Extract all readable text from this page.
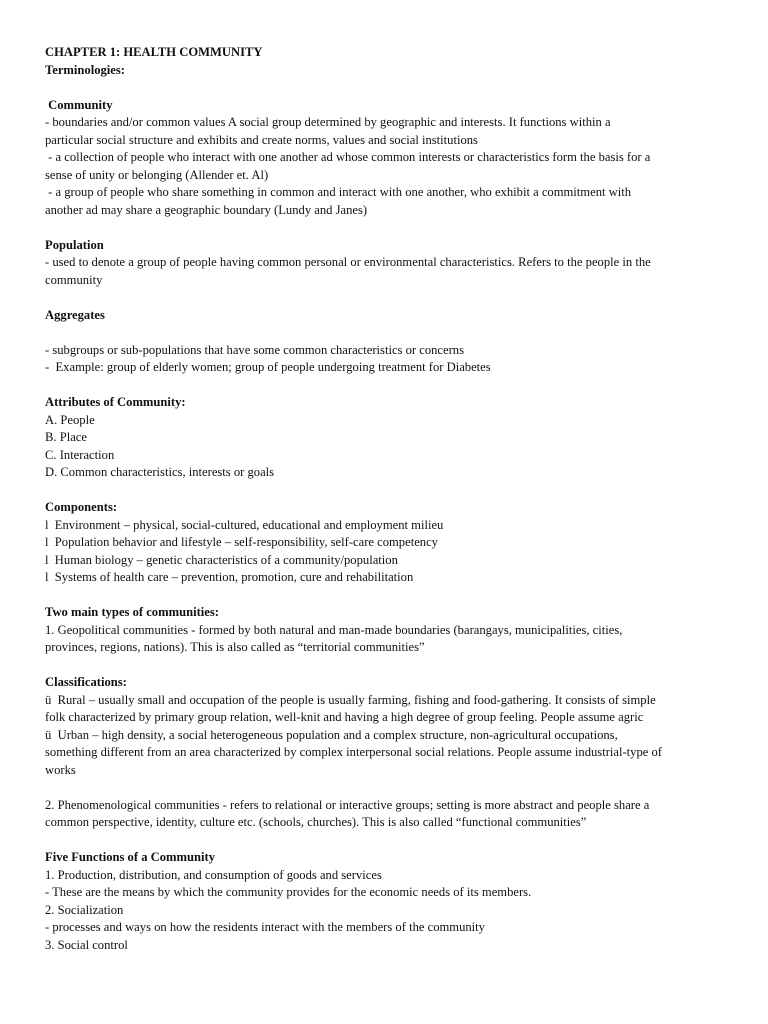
CHAPTER 1: HEALTH COMMUNITY
Terminologies:
Community
- boundaries and/or common values A social group determined by geographic and interests. It functions within a
particular social structure and exhibits and create norms, values and social institutions
- a collection of people who interact with one another ad whose common interests or characteristics form the basis for a
sense of unity or belonging (Allender et. Al)
- a group of people who share something in common and interact with one another, who exhibit a commitment with
another ad may share a geographic boundary (Lundy and Janes)
Population
- used to denote a group of people having common personal or environmental characteristics. Refers to the people in the
community
Aggregates
- subgroups or sub-populations that have some common characteristics or concerns
-  Example: group of elderly women; group of people undergoing treatment for Diabetes
Attributes of Community:
A. People
B. Place
C. Interaction
D. Common characteristics, interests or goals
Components:
l  Environment – physical, social-cultured, educational and employment milieu
l  Population behavior and lifestyle – self-responsibility, self-care competency
l  Human biology – genetic characteristics of a community/population
l  Systems of health care – prevention, promotion, cure and rehabilitation
Two main types of communities:
1. Geopolitical communities - formed by both natural and man-made boundaries (barangays, municipalities, cities,
provinces, regions, nations). This is also called as “territorial communities”
Classifications:
ü  Rural – usually small and occupation of the people is usually farming, fishing and food-gathering. It consists of simple
folk characterized by primary group relation, well-knit and having a high degree of group feeling. People assume agric
ü  Urban – high density, a social heterogeneous population and a complex structure, non-agricultural occupations,
something different from an area characterized by complex interpersonal social relations. People assume industrial-type of
works
2. Phenomenological communities - refers to relational or interactive groups; setting is more abstract and people share a
common perspective, identity, culture etc. (schools, churches). This is also called “functional communities”
Five Functions of a Community
1. Production, distribution, and consumption of goods and services
- These are the means by which the community provides for the economic needs of its members.
2. Socialization
- processes and ways on how the residents interact with the members of the community
3. Social control
